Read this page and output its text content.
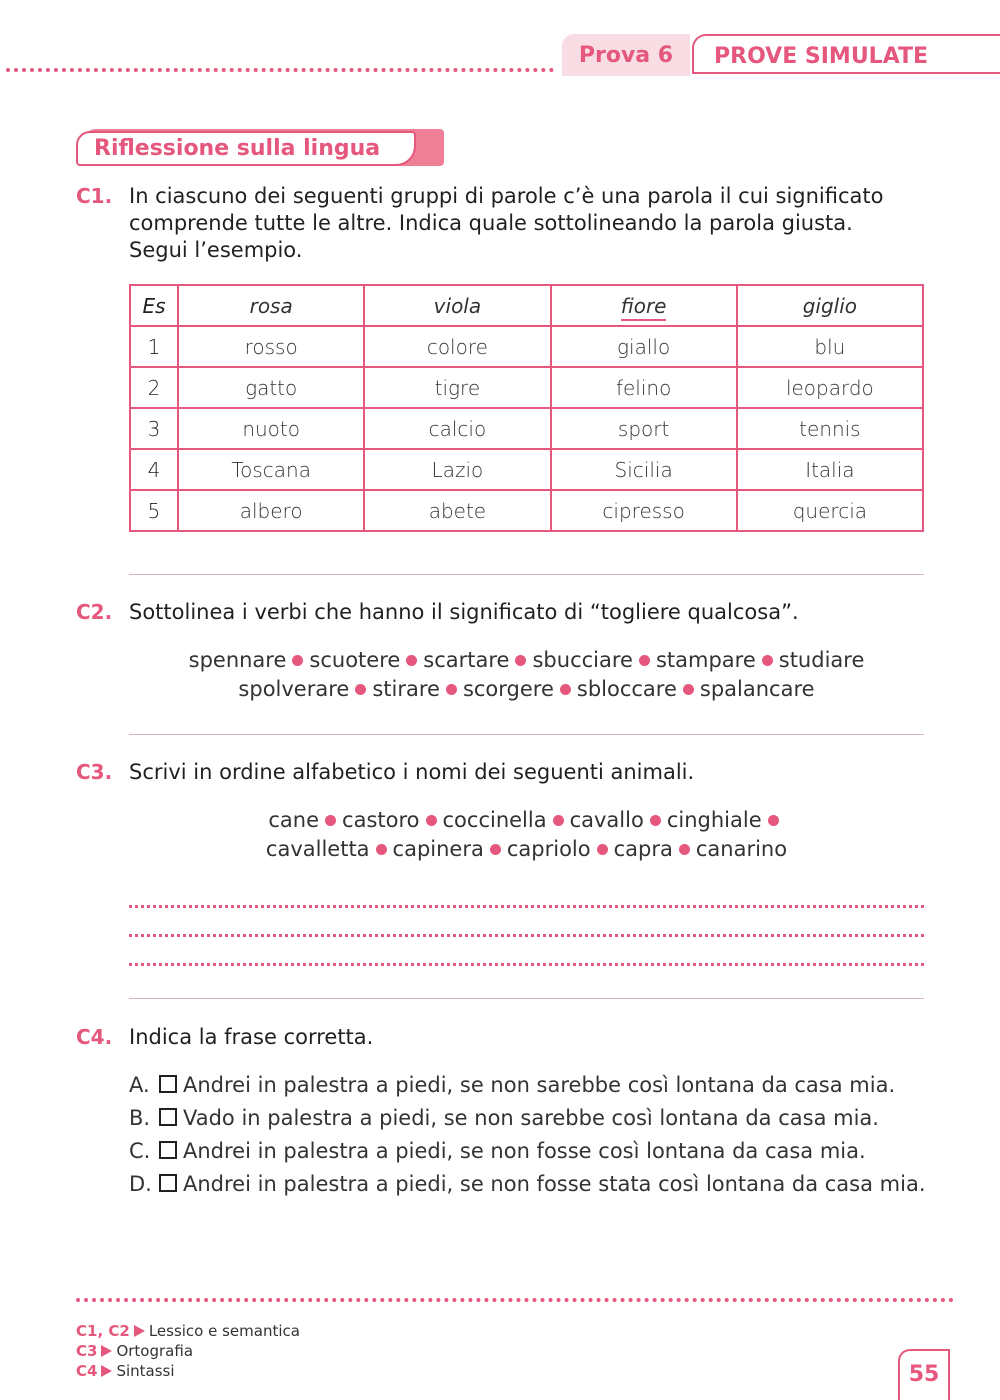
Prova 6	PROVE SIMULATE
Riflessione sulla lingua
C1. In ciascuno dei seguenti gruppi di parole c’è una parola il cui significato
comprende tutte le altre. Indica quale sottolineando la parola giusta.
Segui l’esempio.
Es	rosa	viola	fiore	giglio
1	rosso	colore	giallo	blu
2	gatto	tigre	felino	leopardo
3	nuoto	calcio	sport	tennis
4	Toscana	Lazio	Sicilia	Italia
5	albero	abete	cipresso	quercia
C2. Sottolinea i verbi che hanno il significato di “togliere qualcosa”.
spennare scuotere scartare sbucciare stampare studiare
spolverare stirare scorgere sbloccare spalancare
C3. Scrivi in ordine alfabetico i nomi dei seguenti animali.
cane castoro coccinella cavallo cinghiale
cavalletta capinera capriolo capra canarino
C4. Indica la frase corretta.
A. Andrei in palestra a piedi, se non sarebbe così lontana da casa mia.
B. Vado in palestra a piedi, se non sarebbe così lontana da casa mia.
C. Andrei in palestra a piedi, se non fosse così lontana da casa mia.
D. Andrei in palestra a piedi, se non fosse stata così lontana da casa mia.
C1, C2 Lessico e semantica
C3 Ortografia
C4 Sintassi	55
